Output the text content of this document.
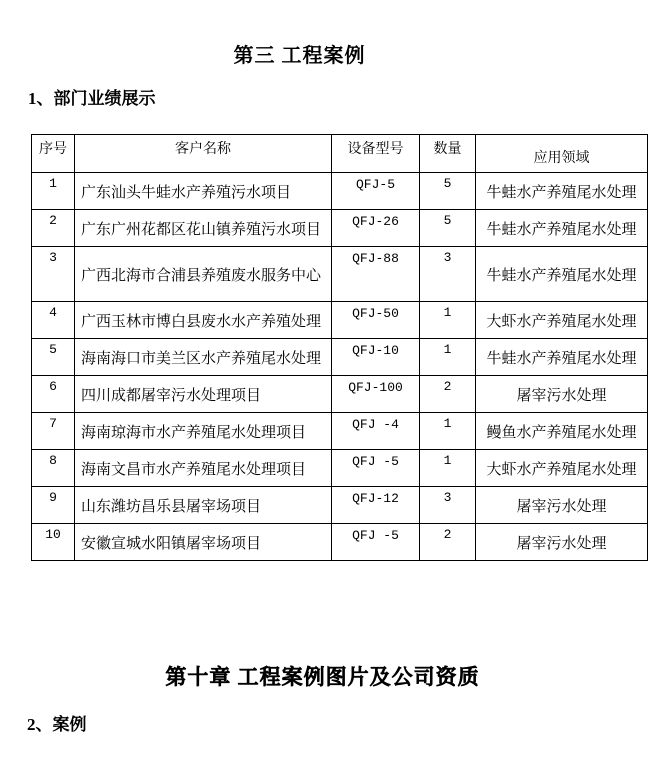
第三 工程案例
1、部门业绩展示
序号	客户名称	设备型号	数量	应用领域
1	广东汕头牛蛙水产养殖污水项目	QFJ-5	5	牛蛙水产养殖尾水处理
2	广东广州花都区花山镇养殖污水项目	QFJ-26	5	牛蛙水产养殖尾水处理
3	广西北海市合浦县养殖废水服务中心	QFJ-88	3	牛蛙水产养殖尾水处理
4	广西玉林市博白县废水水产养殖处理	QFJ-50	1	大虾水产养殖尾水处理
5	海南海口市美兰区水产养殖尾水处理	QFJ-10	1	牛蛙水产养殖尾水处理
6	四川成都屠宰污水处理项目	QFJ-100	2	屠宰污水处理
7	海南琼海市水产养殖尾水处理项目	QFJ -4	1	鳗鱼水产养殖尾水处理
8	海南文昌市水产养殖尾水处理项目	QFJ -5	1	大虾水产养殖尾水处理
9	山东潍坊昌乐县屠宰场项目	QFJ-12	3	屠宰污水处理
10	安徽宣城水阳镇屠宰场项目	QFJ -5	2	屠宰污水处理
第十章 工程案例图片及公司资质
2、案例
